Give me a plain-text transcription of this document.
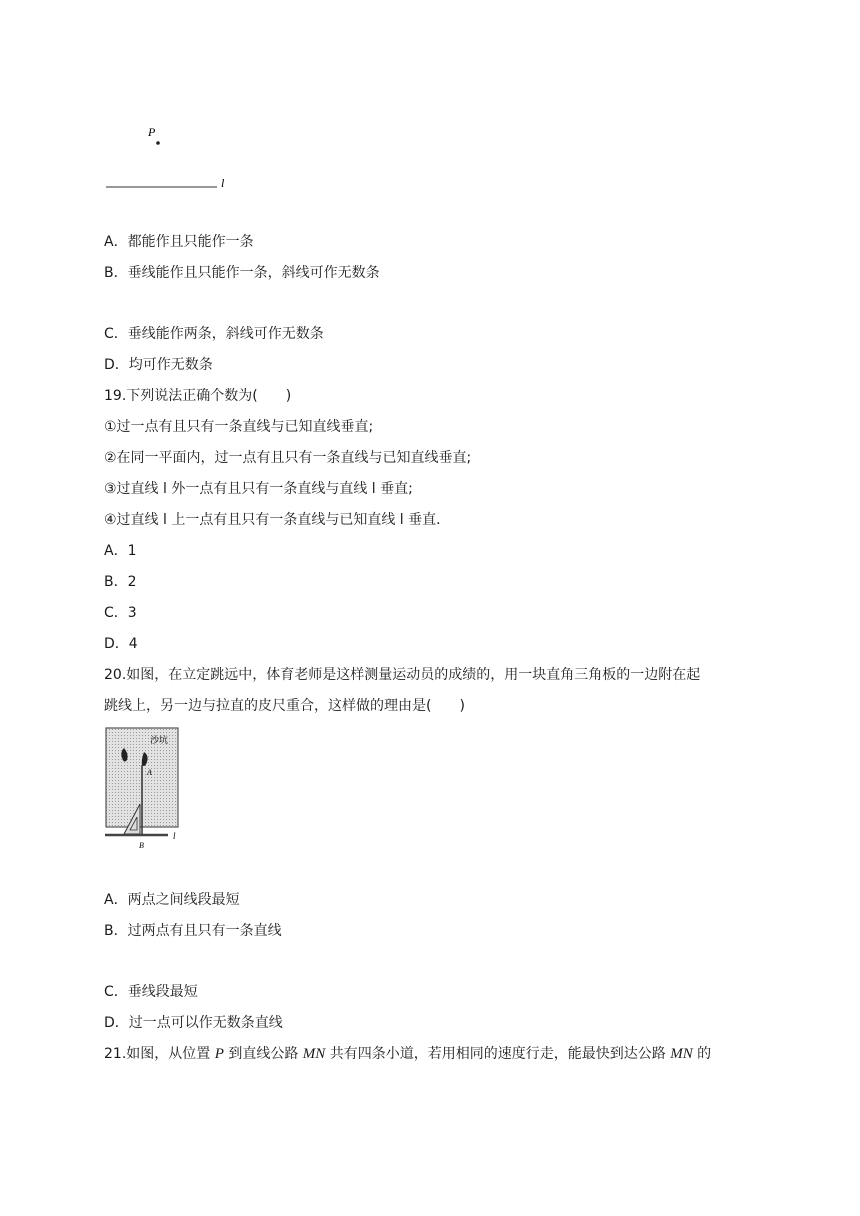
P
l
A．都能作且只能作一条
B．垂线能作且只能作一条，斜线可作无数条
C．垂线能作两条，斜线可作无数条
D．均可作无数条
19.下列说法正确个数为(　　)
①过一点有且只有一条直线与已知直线垂直;
②在同一平面内，过一点有且只有一条直线与已知直线垂直;
③过直线 l 外一点有且只有一条直线与直线 l 垂直;
④过直线 l 上一点有且只有一条直线与已知直线 l 垂直．
A．1
B．2
C．3
D．4
20.如图，在立定跳远中，体育老师是这样测量运动员的成绩的，用一块直角三角板的一边附在起
跳线上，另一边与拉直的皮尺重合，这样做的理由是(　　)
沙坑
A
B
l
A．两点之间线段最短
B．过两点有且只有一条直线
C．垂线段最短
D．过一点可以作无数条直线
21.如图，从位置 P 到直线公路 MN 共有四条小道，若用相同的速度行走，能最快到达公路 MN 的
